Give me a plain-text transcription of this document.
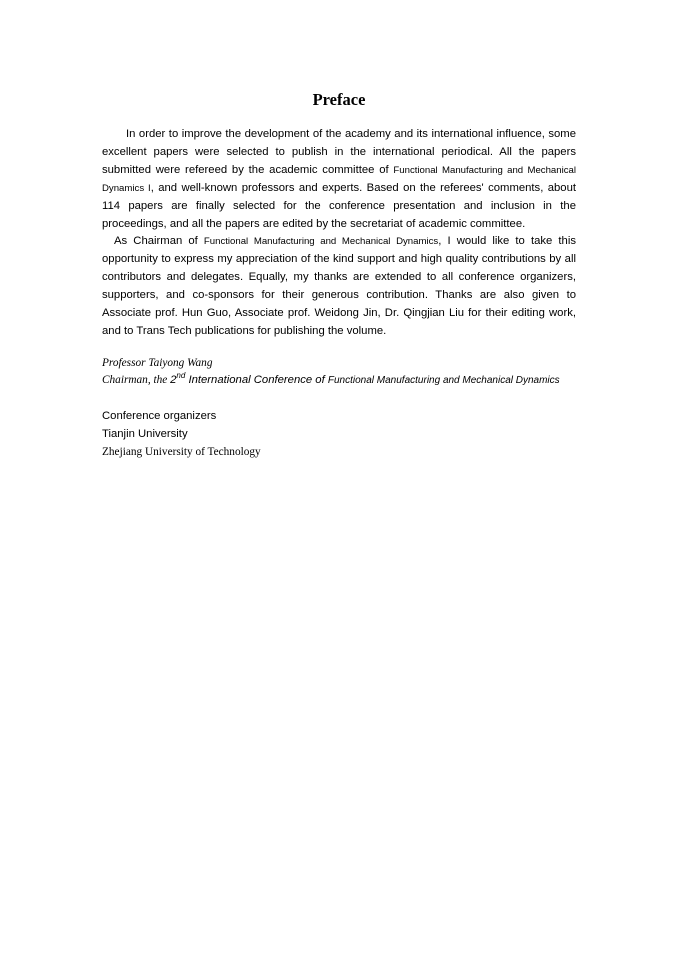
Preface

In order to improve the development of the academy and its international influence, some excellent papers were selected to publish in the international periodical. All the papers submitted were refereed by the academic committee of Functional Manufacturing and Mechanical Dynamics I, and well-known professors and experts. Based on the referees' comments, about 114 papers are finally selected for the conference presentation and inclusion in the proceedings, and all the papers are edited by the secretariat of academic committee.

As Chairman of Functional Manufacturing and Mechanical Dynamics, I would like to take this opportunity to express my appreciation of the kind support and high quality contributions by all contributors and delegates. Equally, my thanks are extended to all conference organizers, supporters, and co-sponsors for their generous contribution. Thanks are also given to Associate prof. Hun Guo, Associate prof. Weidong Jin, Dr. Qingjian Liu for their editing work, and to Trans Tech publications for publishing the volume.

Professor Taiyong Wang
Chairman, the 2nd International Conference of Functional Manufacturing and Mechanical Dynamics
Conference organizers
Tianjin University
Zhejiang University of Technology
